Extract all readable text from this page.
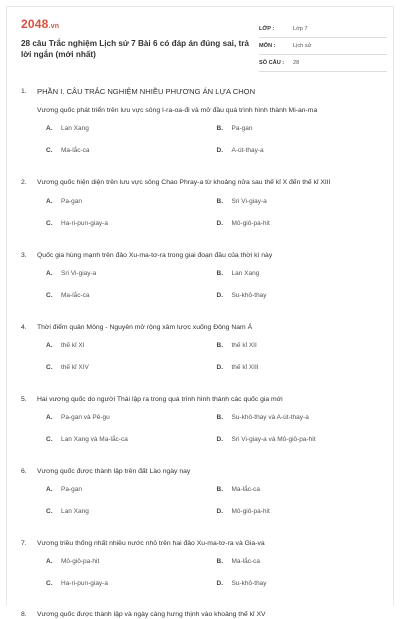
2048.vn
28 câu Trắc nghiệm Lịch sử 7 Bài 6 có đáp án đúng sai, trả lời ngắn (mới nhất)
LỚP :	Lớp 7
MÔN :	Lịch sử
SỐ CÂU :	28
1.	PHẦN I. CÂU TRẮC NGHIỆM NHIỀU PHƯƠNG ÁN LỰA CHỌN
Vương quốc phát triển trên lưu vực sông I-ra-oa-đi và mở đầu quá trình hình thành Mi-an-ma
A.	Lan Xang	B.	Pa-gan
C.	Ma-lắc-ca	D.	A-út-thay-a
2.	Vương quốc hiện diện trên lưu vực sông Chao Phray-a từ khoảng nửa sau thế kỉ X đến thế kỉ XIII
A.	Pa-gan	B.	Sri Vi-giay-a
C.	Ha-ri-pun-giay-a	D.	Mô-giô-pa-hit
3.	Quốc gia hùng mạnh trên đảo Xu-ma-tơ-ra trong giai đoạn đầu của thời kì này
A.	Sri Vi-giay-a	B.	Lan Xang
C.	Ma-lắc-ca	D.	Su-khô-thay
4.	Thời điểm quân Mông - Nguyên mở rộng xâm lược xuống Đông Nam Á
A.	thế kỉ XI	B.	thế kỉ XII
C.	thế kỉ XIV	D.	thế kỉ XIII
5.	Hai vương quốc do người Thái lập ra trong quá trình hình thành các quốc gia mới
A.	Pa-gan và Pê-gu	B.	Su-khô-thay và A-út-thay-a
C.	Lan Xang và Ma-lắc-ca	D.	Sri Vi-giay-a và Mô-giô-pa-hit
6.	Vương quốc được thành lập trên đất Lào ngày nay
A.	Pa-gan	B.	Ma-lắc-ca
C.	Lan Xang	D.	Mô-giô-pa-hit
7.	Vương triều thống nhất nhiều nước nhỏ trên hai đảo Xu-ma-tơ-ra và Gia-va
A.	Mô-giô-pa-hit	B.	Ma-lắc-ca
C.	Ha-ri-pun-giay-a	D.	Su-khô-thay
8.	Vương quốc được thành lập và ngày càng hưng thịnh vào khoảng thế kỉ XV
